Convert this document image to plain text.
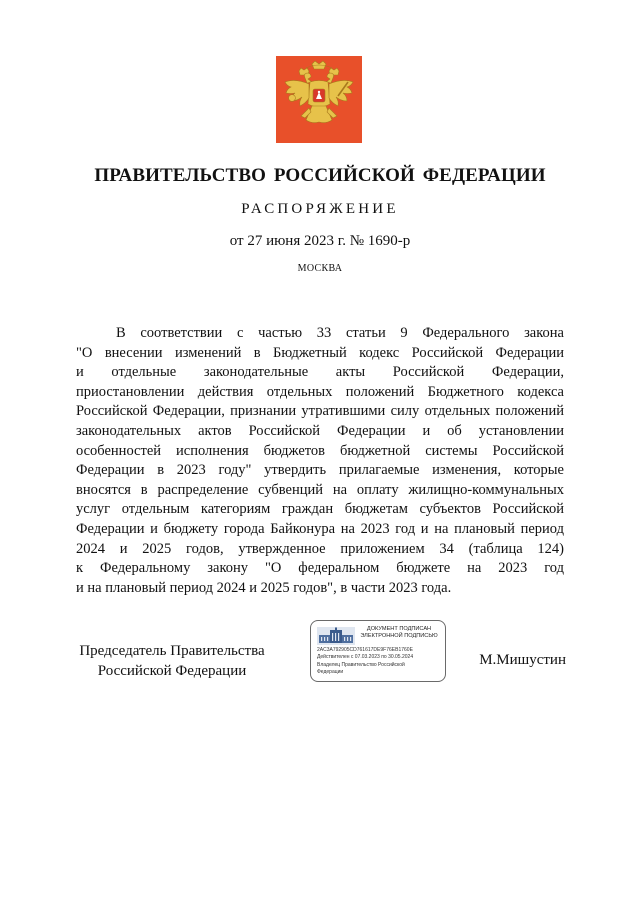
ПРАВИТЕЛЬСТВО РОССИЙСКОЙ ФЕДЕРАЦИИ
РАСПОРЯЖЕНИЕ
от 27 июня 2023 г. № 1690-р
МОСКВА
В соответствии с частью 33 статьи 9 Федерального закона
"О внесении изменений в Бюджетный кодекс Российской Федерации
и отдельные законодательные акты Российской Федерации,
приостановлении действия отдельных положений Бюджетного кодекса
Российской Федерации, признании утратившими силу отдельных положений
законодательных актов Российской Федерации и об установлении
особенностей исполнения бюджетов бюджетной системы Российской
Федерации в 2023 году" утвердить прилагаемые изменения, которые
вносятся в распределение субвенций на оплату жилищно-коммунальных
услуг отдельным категориям граждан бюджетам субъектов Российской
Федерации и бюджету города Байконура на 2023 год и на плановый период
2024 и 2025 годов, утвержденное приложением 34 (таблица 124)
к Федеральному закону "О федеральном бюджете на 2023 год
и на плановый период 2024 и 2025 годов", в части 2023 года.
Председатель Правительства
Российской Федерации
ДОКУМЕНТ ПОДПИСАН
ЭЛЕКТРОННОЙ ПОДПИСЬЮ
2AC3A792905CD761617DE9F76EB1760E
Действителен с 07.03.2023 по 30.05.2024
Владелец Правительство Российской
Федерации
М.Мишустин
